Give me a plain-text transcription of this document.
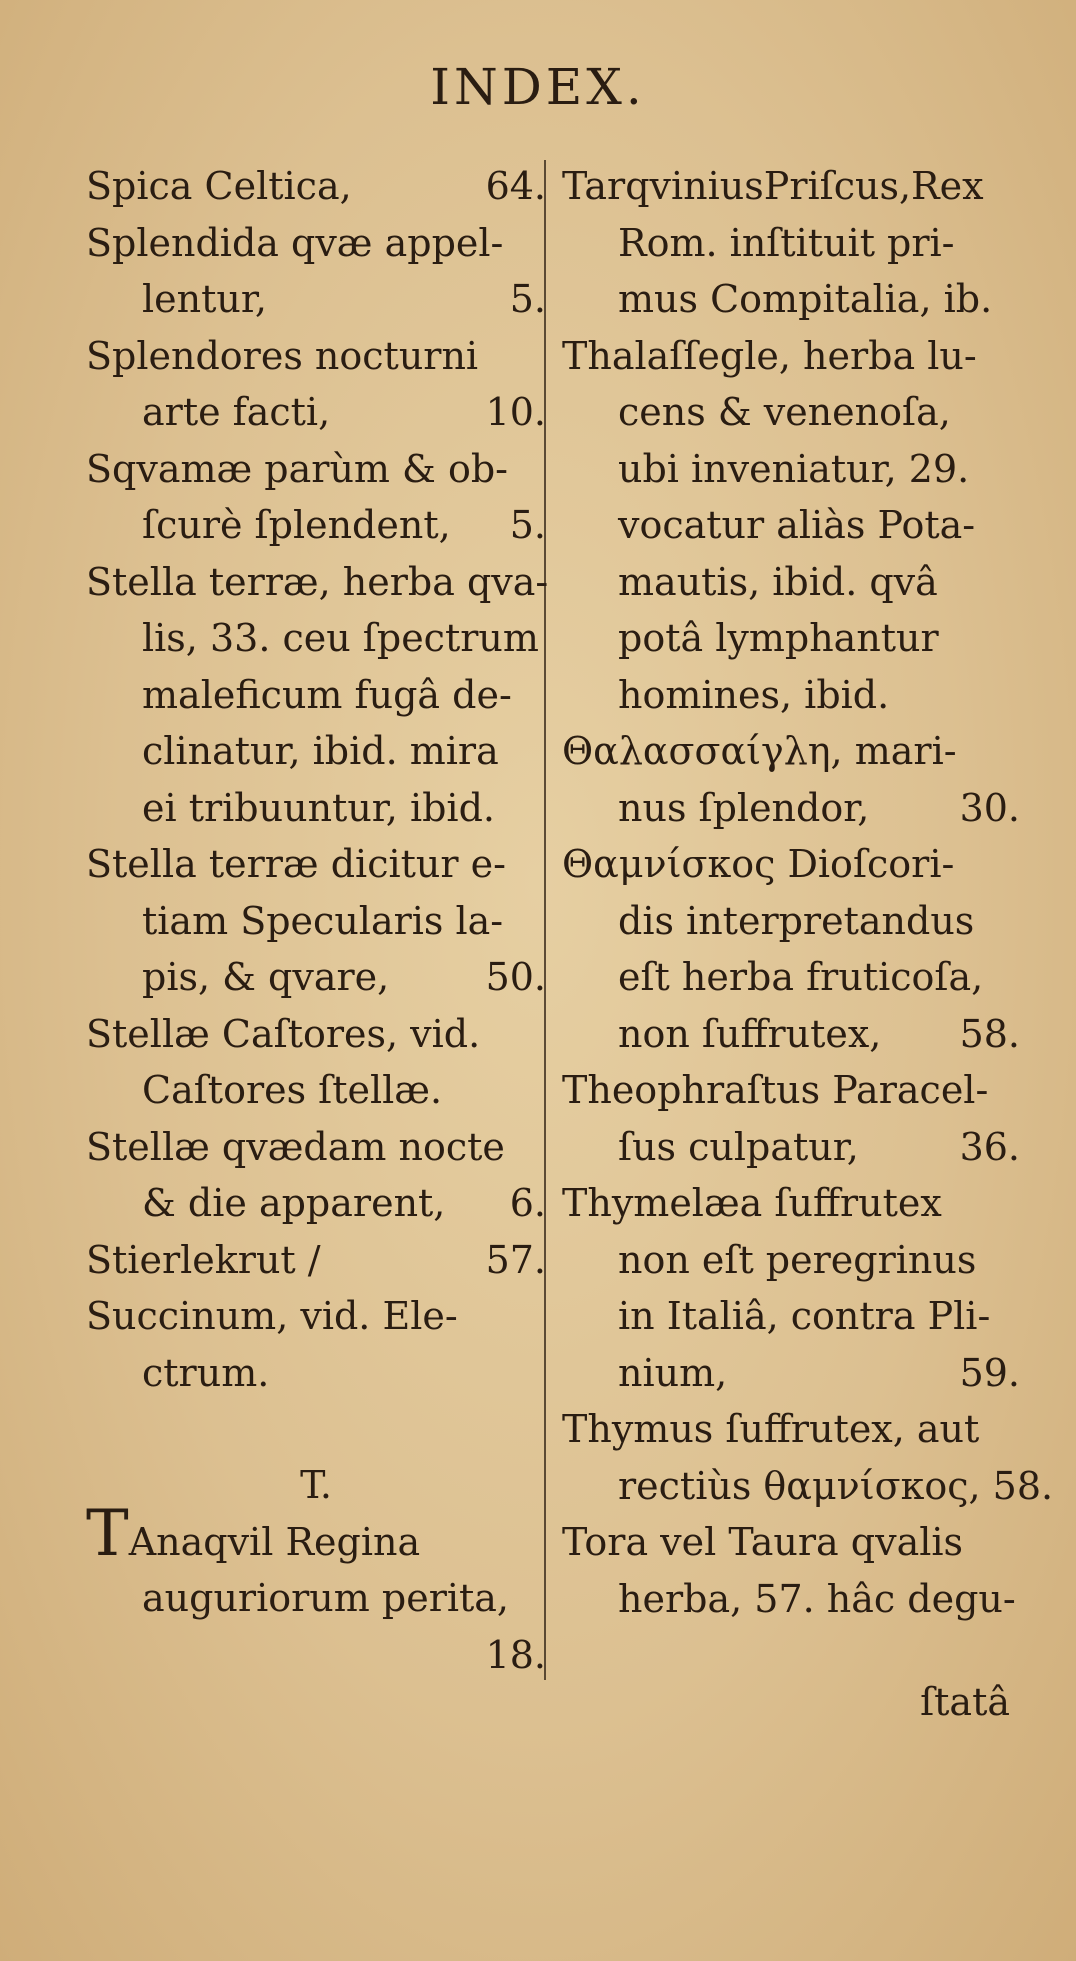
INDEX.
64.
Spica Celtica,
Splendida qvæ appel-
5.
lentur,
Splendores nocturni
10.
arte facti,
Sqvamæ parùm & ob-
5.
ſcurè ſplendent,
Stella terræ, herba qva-
lis, 33. ceu ſpectrum
maleficum fugâ de-
clinatur, ibid. mira
ei tribuuntur, ibid.
Stella terræ dicitur e-
tiam Specularis la-
50.
pis, & qvare,
Stellæ Caſtores, vid.
Caſtores ſtellæ.
Stellæ qvædam nocte
6.
& die apparent,
57.
Stierlekrut /
Succinum, vid. Ele-
ctrum.
T.
TAnaqvil Regina
auguriorum perita,
18.

TarqviniusPriſcus,Rex
Rom. inſtituit pri-
mus Compitalia, ib.
Thalaſſegle, herba lu-
cens & venenoſa,
ubi inveniatur, 29.
vocatur aliàs Pota-
mautis, ibid. qvâ
potâ lymphantur
homines, ibid.
Θαλασσαίγλη, mari-
30.
nus ſplendor,
Θαμνίσκος Dioſcori-
dis interpretandus
eſt herba fruticoſa,
58.
non ſuffrutex,
Theophraſtus Paracel-
36.
ſus culpatur,
Thymelæa ſuffrutex
non eſt peregrinus
in Italiâ, contra Pli-
59.
nium,
Thymus ſuffrutex, aut
rectiùs θαμνίσκος, 58.
Tora vel Taura qvalis
herba, 57. hâc degu-
ſtatâ
